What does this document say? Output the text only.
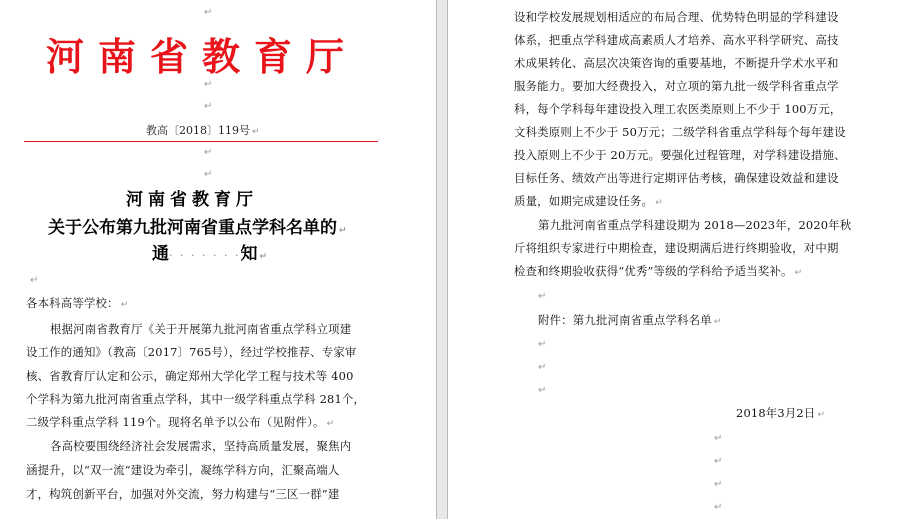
↵
河南省教育厅
↵
↵
教高〔2018〕119号 ↵
↵
↵
河南省教育厅
关于公布第九批河南省重点学科名单的 ↵
通· · · · · · ·知 ↵
↵
各本科高等学校： ↵
根据河南省教育厅《关于开展第九批河南省重点学科立项建
设工作的通知》（教高〔2017〕765号），经过学校推荐、专家审
核、省教育厅认定和公示，确定郑州大学化学工程与技术等 400
个学科为第九批河南省重点学科，其中一级学科重点学科 281个，
二级学科重点学科 119个。现将名单予以公布（见附件）。 ↵
各高校要围绕经济社会发展需求，坚持高质量发展，聚焦内
涵提升，以“双一流”建设为牵引，凝练学科方向，汇聚高端人
才，构筑创新平台，加强对外交流，努力构建与“三区一群”建
设和学校发展规划相适应的布局合理、优势特色明显的学科建设
体系，把重点学科建成高素质人才培养、高水平科学研究、高技
术成果转化、高层次决策咨询的重要基地，不断提升学术水平和
服务能力。要加大经费投入，对立项的第九批一级学科省重点学
科，每个学科每年建设投入理工农医类原则上不少于 100万元，
文科类原则上不少于 50万元；二级学科省重点学科每个每年建设
投入原则上不少于 20万元。要强化过程管理，对学科建设措施、
目标任务、绩效产出等进行定期评估考核，确保建设效益和建设
质量，如期完成建设任务。 ↵
第九批河南省重点学科建设期为 2018—2023年，2020年秋
斤将组织专家进行中期检查，建设期满后进行终期验收，对中期
检查和终期验收获得“优秀”等级的学科给予适当奖补。 ↵
↵
附件：第九批河南省重点学科名单 ↵
↵
↵
↵
2018年3月2日 ↵
↵
↵
↵
↵
